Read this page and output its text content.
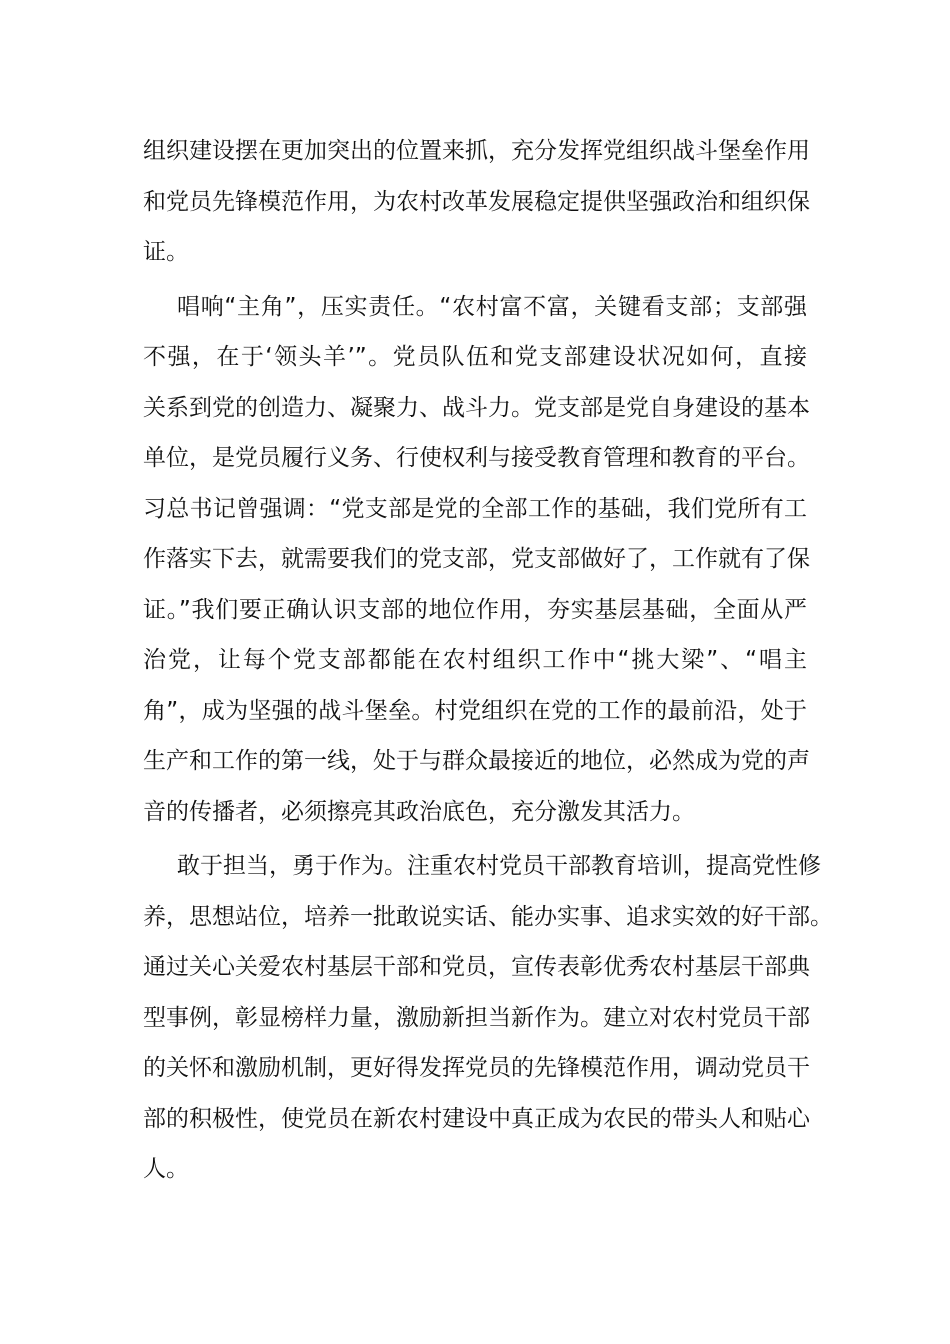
组织建设摆在更加突出的位置来抓，充分发挥党组织战斗堡垒作用
和党员先锋模范作用，为农村改革发展稳定提供坚强政治和组织保
证。

唱响“主角”，压实责任。“农村富不富，关键看支部；支部强
不强，在于‘领头羊’”。党员队伍和党支部建设状况如何，直接
关系到党的创造力、凝聚力、战斗力。党支部是党自身建设的基本
单位，是党员履行义务、行使权利与接受教育管理和教育的平台。
习总书记曾强调：“党支部是党的全部工作的基础，我们党所有工
作落实下去，就需要我们的党支部，党支部做好了，工作就有了保
证。”我们要正确认识支部的地位作用，夯实基层基础，全面从严
治党，让每个党支部都能在农村组织工作中“挑大梁”、“唱主
角”，成为坚强的战斗堡垒。村党组织在党的工作的最前沿，处于
生产和工作的第一线，处于与群众最接近的地位，必然成为党的声
音的传播者，必须擦亮其政治底色，充分激发其活力。

敢于担当，勇于作为。注重农村党员干部教育培训，提高党性修
养，思想站位，培养一批敢说实话、能办实事、追求实效的好干部。
通过关心关爱农村基层干部和党员，宣传表彰优秀农村基层干部典
型事例，彰显榜样力量，激励新担当新作为。建立对农村党员干部
的关怀和激励机制，更好得发挥党员的先锋模范作用，调动党员干
部的积极性，使党员在新农村建设中真正成为农民的带头人和贴心
人。
